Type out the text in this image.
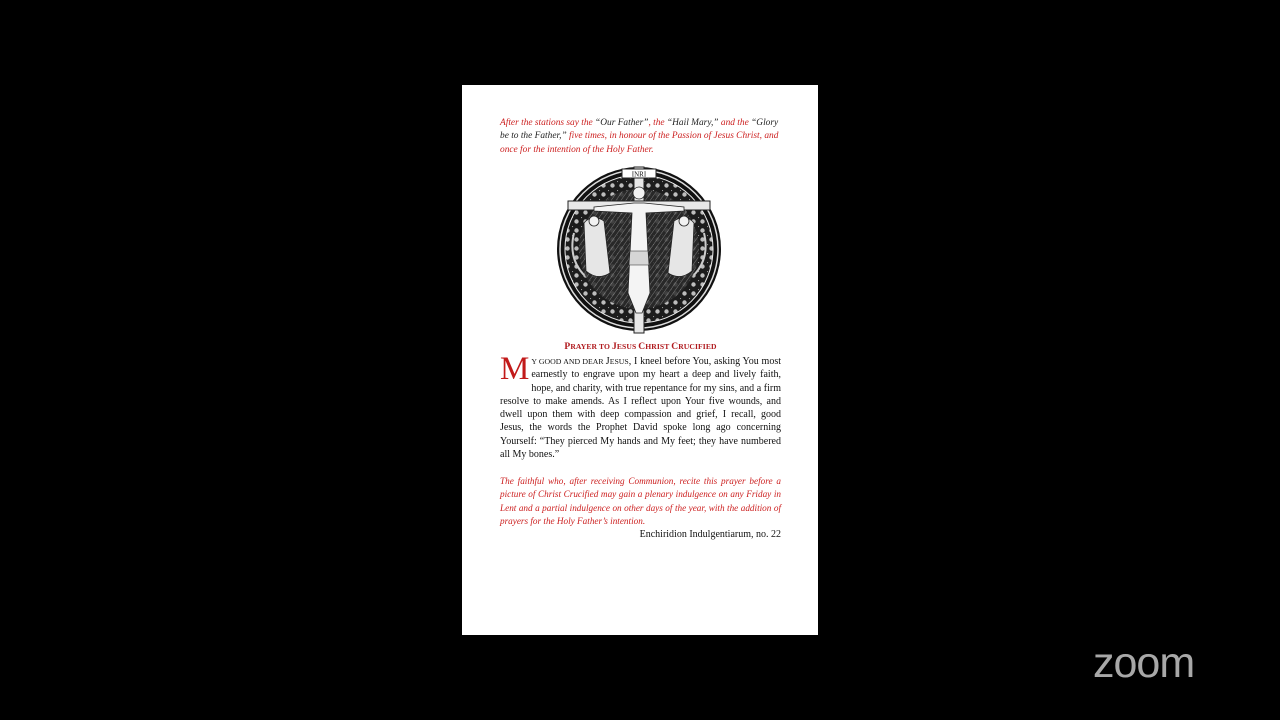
After the stations say the “Our Father”, the “Hail Mary,” and the “Glory be to the Father,” five times, in honour of the Passion of Jesus Christ, and once for the intention of the Holy Father.
INRI
PRAYER TO JESUS CHRIST CRUCIFIED
M Y GOOD AND DEAR JESUS, I kneel before You, asking You most earnestly to engrave upon my heart a deep and lively faith, hope, and charity, with true repentance for my sins, and a firm resolve to make amends. As I reflect upon Your five wounds, and dwell upon them with deep compassion and grief, I recall, good Jesus, the words the Prophet David spoke long ago concerning Yourself: “They pierced My hands and My feet; they have numbered all My bones.”
The faithful who, after receiving Communion, recite this prayer before a picture of Christ Crucified may gain a plenary indulgence on any Friday in Lent and a partial indulgence on other days of the year, with the addition of prayers for the Holy Father’s intention.
Enchiridion Indulgentiarum, no. 22
zoom
